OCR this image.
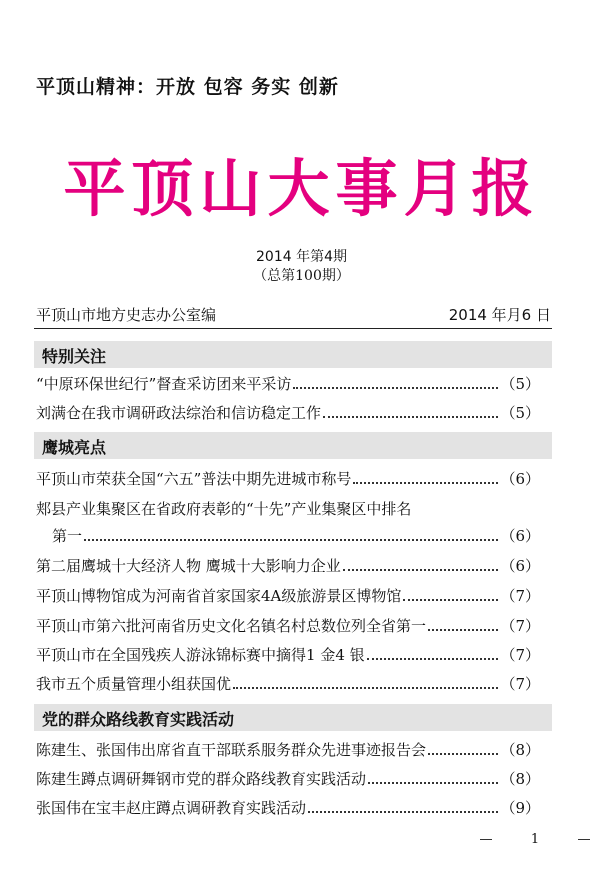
平顶山精神：开放 包容 务实 创新
平顶山大事月报
2014 年第4期
（总第100期）
平顶山市地方史志办公室编	2014 年月6 日
特别关注
“中原环保世纪行”督查采访团来平采访	（5）
刘满仓在我市调研政法综治和信访稳定工作	（5）
鹰城亮点
平顶山市荣获全国“六五”普法中期先进城市称号	（6）
郏县产业集聚区在省政府表彰的“十先”产业集聚区中排名
第一	（6）
第二届鹰城十大经济人物 鹰城十大影响力企业	（6）
平顶山博物馆成为河南省首家国家4A级旅游景区博物馆	（7）
平顶山市第六批河南省历史文化名镇名村总数位列全省第一	（7）
平顶山市在全国残疾人游泳锦标赛中摘得1 金4 银	（7）
我市五个质量管理小组获国优	（7）
党的群众路线教育实践活动
陈建生、张国伟出席省直干部联系服务群众先进事迹报告会	（8）
陈建生蹲点调研舞钢市党的群众路线教育实践活动	（8）
张国伟在宝丰赵庄蹲点调研教育实践活动	（9）
1
